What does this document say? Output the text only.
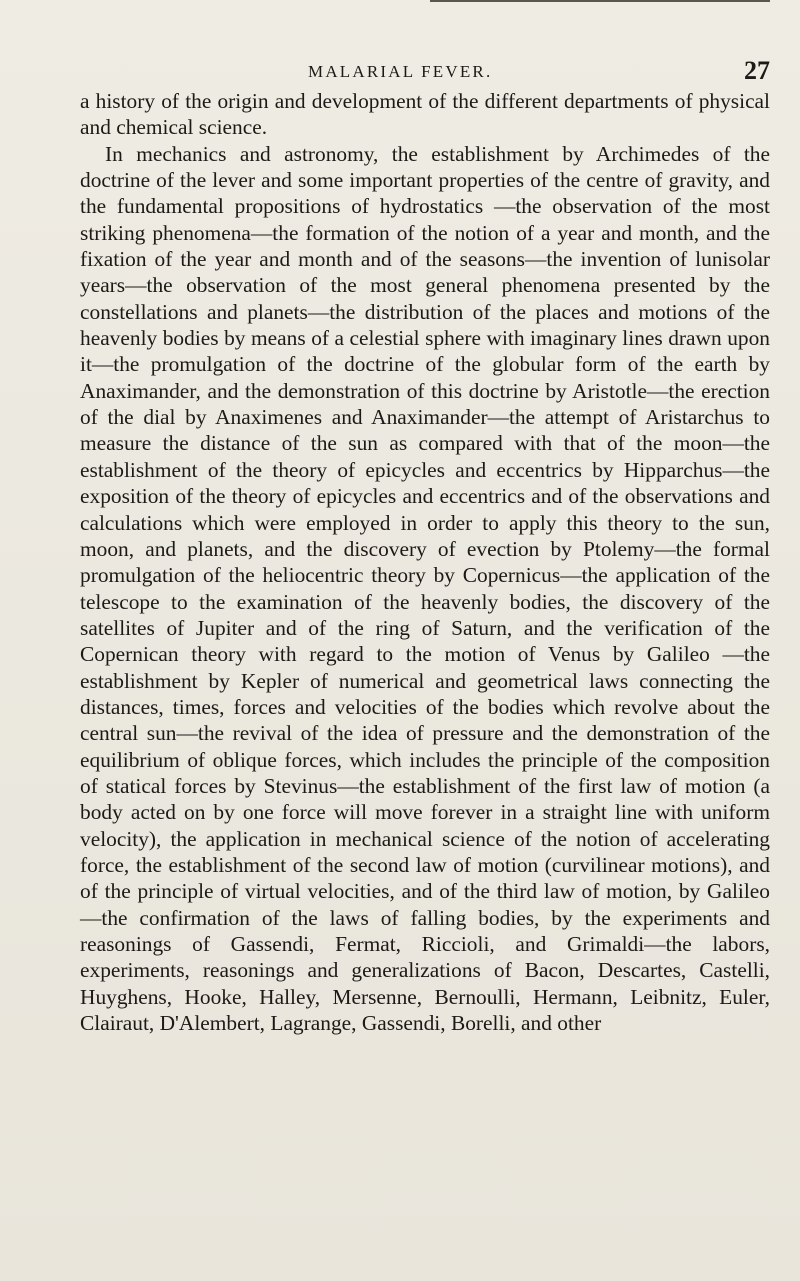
MALARIAL FEVER.	27

a history of the origin and development of the different departments of physical and chemical science.

In mechanics and astronomy, the establishment by Archimedes of the doctrine of the lever and some important properties of the centre of gravity, and the fundamental propositions of hydrostatics —the observation of the most striking phenomena—the formation of the notion of a year and month, and the fixation of the year and month and of the seasons—the invention of lunisolar years—the observation of the most general phenomena presented by the constellations and planets—the distribution of the places and motions of the heavenly bodies by means of a celestial sphere with imaginary lines drawn upon it—the promulgation of the doctrine of the globular form of the earth by Anaximander, and the demonstration of this doctrine by Aristotle—the erection of the dial by Anaximenes and Anaximander—the attempt of Aristarchus to measure the distance of the sun as compared with that of the moon—the establishment of the theory of epicycles and eccentrics by Hipparchus—the exposition of the theory of epicycles and eccentrics and of the observations and calculations which were employed in order to apply this theory to the sun, moon, and planets, and the discovery of evection by Ptolemy—the formal promulgation of the heliocentric theory by Copernicus—the application of the telescope to the examination of the heavenly bodies, the discovery of the satellites of Jupiter and of the ring of Saturn, and the verification of the Copernican theory with regard to the motion of Venus by Galileo —the establishment by Kepler of numerical and geometrical laws connecting the distances, times, forces and velocities of the bodies which revolve about the central sun—the revival of the idea of pressure and the demonstration of the equilibrium of oblique forces, which includes the principle of the composition of statical forces by Stevinus—the establishment of the first law of motion (a body acted on by one force will move forever in a straight line with uniform velocity), the application in mechanical science of the notion of accelerating force, the establishment of the second law of motion (curvilinear motions), and of the principle of virtual velocities, and of the third law of motion, by Galileo—the confirmation of the laws of falling bodies, by the experiments and reasonings of Gassendi, Fermat, Riccioli, and Grimaldi—the labors, experiments, reasonings and generalizations of Bacon, Descartes, Castelli, Huyghens, Hooke, Halley, Mersenne, Bernoulli, Hermann, Leibnitz, Euler, Clairaut, D'Alembert, Lagrange, Gassendi, Borelli, and other
